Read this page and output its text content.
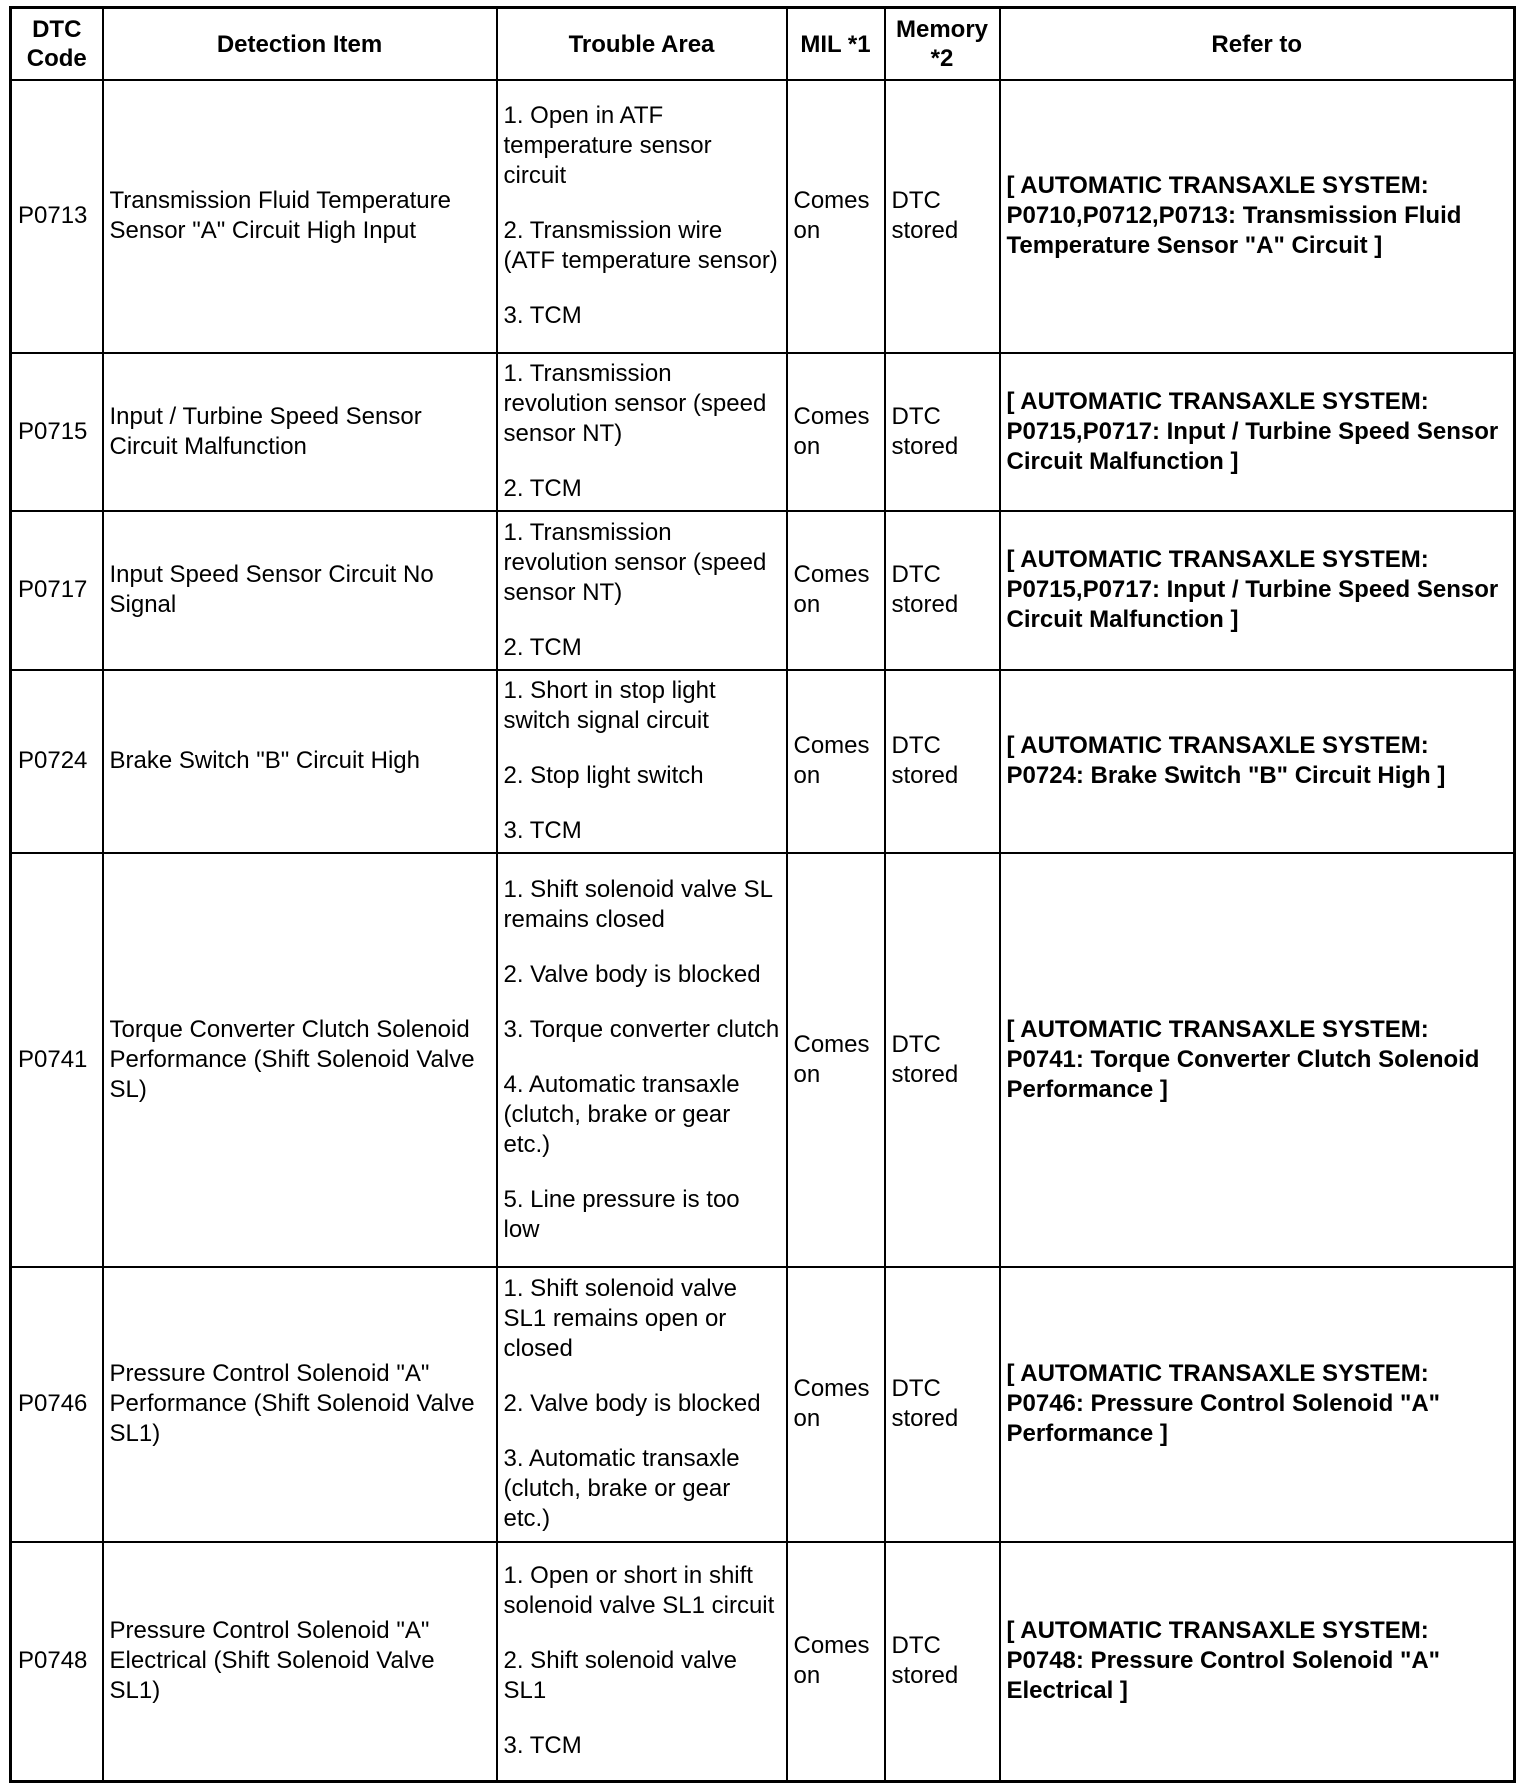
DTC Code	Detection Item	Trouble Area	MIL *1	Memory *2	Refer to
P0713	Transmission Fluid Temperature Sensor "A" Circuit High Input	1. Open in ATF temperature sensor circuit

2. Transmission wire (ATF temperature sensor)

3. TCM	Comes on	DTC stored	[ AUTOMATIC TRANSAXLE SYSTEM: P0710,P0712,P0713: Transmission Fluid Temperature Sensor "A" Circuit ]
P0715	Input / Turbine Speed Sensor Circuit Malfunction	1. Transmission revolution sensor (speed sensor NT)

2. TCM	Comes on	DTC stored	[ AUTOMATIC TRANSAXLE SYSTEM: P0715,P0717: Input / Turbine Speed Sensor Circuit Malfunction ]
P0717	Input Speed Sensor Circuit No Signal	1. Transmission revolution sensor (speed sensor NT)

2. TCM	Comes on	DTC stored	[ AUTOMATIC TRANSAXLE SYSTEM: P0715,P0717: Input / Turbine Speed Sensor Circuit Malfunction ]
P0724	Brake Switch "B" Circuit High	1. Short in stop light switch signal circuit

2. Stop light switch

3. TCM	Comes on	DTC stored	[ AUTOMATIC TRANSAXLE SYSTEM: P0724: Brake Switch "B" Circuit High ]
P0741	Torque Converter Clutch Solenoid Performance (Shift Solenoid Valve SL)	1. Shift solenoid valve SL remains closed

2. Valve body is blocked

3. Torque converter clutch

4. Automatic transaxle (clutch, brake or gear etc.)

5. Line pressure is too low	Comes on	DTC stored	[ AUTOMATIC TRANSAXLE SYSTEM: P0741: Torque Converter Clutch Solenoid Performance ]
P0746	Pressure Control Solenoid "A" Performance (Shift Solenoid Valve SL1)	1. Shift solenoid valve SL1 remains open or closed

2. Valve body is blocked

3. Automatic transaxle (clutch, brake or gear etc.)	Comes on	DTC stored	[ AUTOMATIC TRANSAXLE SYSTEM: P0746: Pressure Control Solenoid "A" Performance ]
P0748	Pressure Control Solenoid "A" Electrical (Shift Solenoid Valve SL1)	1. Open or short in shift solenoid valve SL1 circuit

2. Shift solenoid valve SL1

3. TCM	Comes on	DTC stored	[ AUTOMATIC TRANSAXLE SYSTEM: P0748: Pressure Control Solenoid "A" Electrical ]
